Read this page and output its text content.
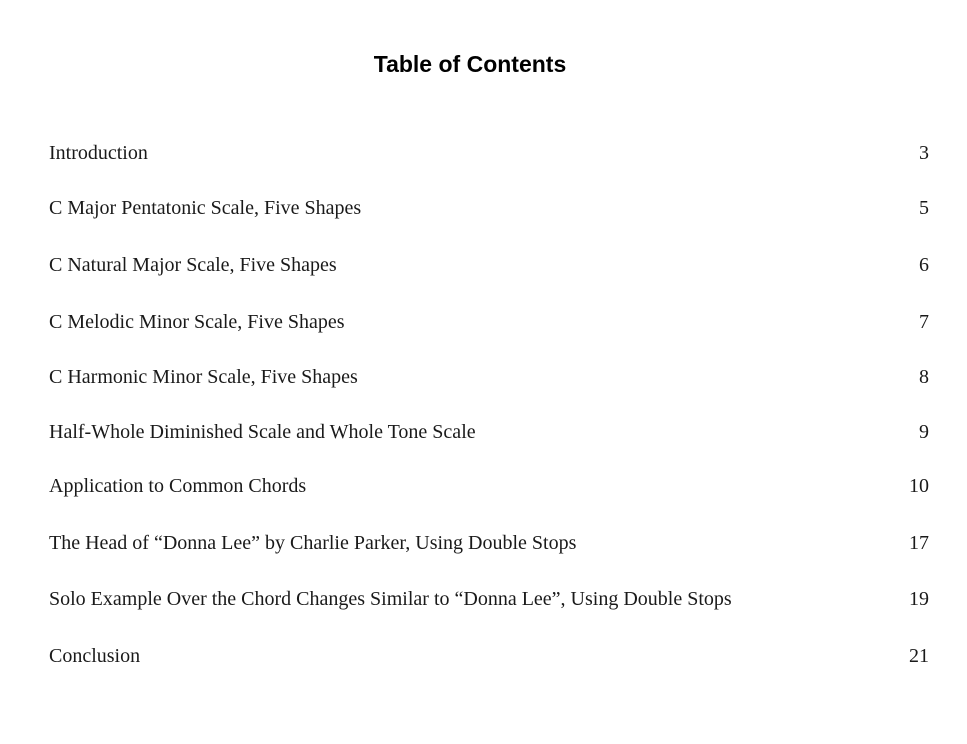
Table of Contents
Introduction	3
C Major Pentatonic Scale, Five Shapes	5
C Natural Major Scale, Five Shapes	6
C Melodic Minor Scale, Five Shapes	7
C Harmonic Minor Scale, Five Shapes	8
Half-Whole Diminished Scale and Whole Tone Scale	9
Application to Common Chords	10
The Head of “Donna Lee” by Charlie Parker, Using Double Stops	17
Solo Example Over the Chord Changes Similar to “Donna Lee”, Using Double Stops	19
Conclusion	21
